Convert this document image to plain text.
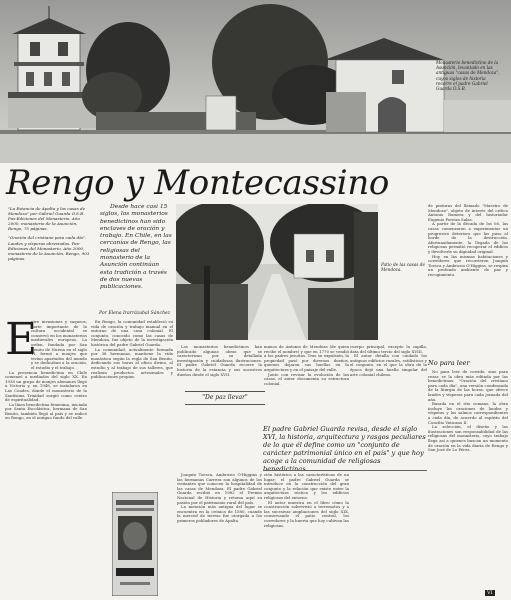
Monasterio benedictino de la Asunción, levantado en las antiguas "casas de Mendoza", cuyos siglos de historia recorre el padre Gabriel Guarda O.S.B.
Rengo y Montecassino

"La Estancia de Apalta y las casas de Mendoza" por Gabriel Guarda O.S.B. Pax-Ediciones del Monasterio. Año 2000, monasterio de la Asunción, Rengo, 75 páginas.

"Oración del cristiano para cada día". Laudes y vísperas abreviadas. Pax-Ediciones del Monasterio. Año 2000, monasterio de la Asunción, Rengo, 903 páginas.

Desde hace casi 15 siglos, los monasterios benedictinos han sido enclaves de oración y trabajo. En Chile, en las cercanías de Rengo, las religiosas del monasterio de la Asunción continúan esta tradición a través de dos nuevas publicaciones.
Por Elena Irarrázabal Sánchez
Patio de las casas de Mendoza.
E

ntre invasiones y saqueos, parte importante de la cultura occidental se conservó en los monasterios medievales europeos. La orden, fundada por San Benito de Nursia en el siglo VI, formó a monjes que vivían apartados del mundo y se dedicaban a la oración, el estudio y el trabajo.

La presencia benedictina en Chile comenzó a mediados del siglo XX. En 1938 un grupo de monjes alemanes llegó a Victoria y, en 1948, se instalaron en Las Condes, donde el monasterio de la Santísima Trinidad surgió como centro de espiritualidad.

La línea benedictina femenina, iniciada por Santa Escolástica, hermana de San Benito, también llegó al país y se radicó en Rengo, en el antiguo fundo del valle.

En Rengo, la comunidad estableció su vida de oración y trabajo manual en el entorno de una casa colonial. El conjunto, conocido como las casas de Mendoza, fue objeto de la investigación histórica del padre Gabriel Guarda.

La comunidad, actualmente formada por 38 hermanas, mantiene la vida monástica según la regla de San Benito, dedicando sus horas al oficio divino, al estudio y al trabajo de sus talleres, que realizan productos artesanales y publicaciones propias.

Los monasterios benedictinos han publicado algunas obras que se caracterizan por su detallada investigación y cuidadosas ilustraciones. El padre Gabriel Guarda recorre la historia de la estancia y sus sucesivos dueños desde el siglo XVII.

"De paz llevar"

manos de Antonio de Mendoza (de quien recibe el nombre) y que en 1770 se vendió a los padres jesuitas. Tras su expulsión, la propiedad pasó por diversos dueños, quienes dejaron sus huellas en la arquitectura y en el paisaje del valle.

Junto con revisar la evolución de las casas, el autor documenta su estructura colonial.

cuerpo principal, excepto la capilla, data del último tercio del siglo XVIII.

El autor detalla con cuidado los antiguos edificios rurales, estilísticos y el conjunto, en el que la obra de la época dejó una huella singular del arte colonial chileno.

El padre Gabriel Guarda revisa, desde el siglo XVI, la historia, arquitectura y rasgos peculiares de lo que él define como un "conjunto de carácter patrimonial único en el país" y que hoy acoge a la comunidad de religiosas benedictinas.

Joaquín Toesca, Ambrosio O'Higgins y las hermanas Carrera son algunos de los visitantes que conocen la hospitalidad de las casas de Mendoza. El padre Gabriel Guarda recibió en 1982 el Premio Nacional de Historia y retoma aquí su pasión por el patrimonio rural del país.

La mención más antigua del lugar se encuentra en la crónica de 1580, cuando la merced de tierras fue otorgada a los primeros pobladores de Apalta.

ción histórica a las características de un lugar; el padre Gabriel Guarda se introduce en la construcción del gran conjunto y la relación que existe entre la arquitectura rústica y los edificios religiosos del entorno.

El autor muestra en el libro cómo la construcción sobrevivió a terremotos y a las sucesivas ampliaciones del siglo XIX, conservando el patio central, los corredores y la huerta que hoy cultivan las religiosas.

de pinturas del llamado "Maestro de Mendoza", objeto de interés del crítico Antonio Romera y del historiador Eugenio Pereira Salas.

A partir de la década de los 60, las casas comenzaron a experimentar un progresivo deterioro que las puso al borde de la destrucción. Afortunadamente, la llegada de las religiosas permitió recuperar el edificio y devolverle su dignidad original.

Hoy, en las mismas habitaciones y corredores que recorrieron Joaquín Toesca y Ambrosio O'Higgins, se respira un profundo ambiente de paz y recogimiento.

No para leer

No para leer de corrido, sino para rezar, se la obra más editada por las benedictinas: "Oración del cristiano para cada día", una versión condensada de la liturgia de las horas, que ofrece laudes y vísperas para cada jornada del año.

Basada en el rito romano, la obra incluye las oraciones de laudes y vísperas y los salmos correspondientes a cada día, de acuerdo al espíritu del Concilio Vaticano II.

La selección, el diseño y las ilustraciones son responsabilidad de las religiosas del monasterio, cuyo trabajo llega así a quienes buscan un momento de oración en la vida diaria de Rengo y San José de Lo Pérez.

VI
